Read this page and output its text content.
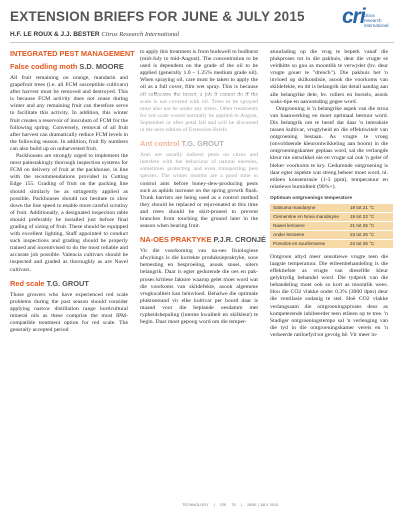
EXTENSION BRIEFS FOR JUNE & JULY 2015
H.F. LE ROUX & J.J. BESTER Citrus Research International
cri citrus
research
international
INTEGRATED PEST MANAGEMENT
False codling moth S.D. MOORE

All fruit remaining on orange, mandarin and grapefruit trees (i.e. all FCM susceptible cultivars) after harvest must be removed and destroyed. This is because FCM activity does not cease during winter and any remaining fruit can therefore serve to facilitate this activity. In addition, this winter fruit creates a reservoir of inoculum of FCM for the following spring. Conversely, removal of all fruit after harvest can dramatically reduce FCM levels in the following season. In addition, fruit fly numbers can also build up on unharvested fruit.

Packhouses are strongly urged to implement the most painstakingly thorough inspection systems for FCM on delivery of fruit at the packhouse, in line with the recommendations provided in Cutting Edge 155. Grading of fruit on the packing line should similarly be as stringently applied as possible. Packhouses should not hesitate to slow down the line speed to enable more careful scrutiny of fruit. Additionally, a designated inspection table should preferably be installed just before final grading of sizing of fruit. These should be equipped with excellent lighting. Staff appointed to conduct such inspections and grading should be properly trained and incentivised to do the most reliable and accurate job possible. Valencia cultivars should be inspected and graded as thoroughly as are Navel cultivars.

Red scale T.G. GROUT

Those growers who have experienced red scale problems during the past season should consider applying narrow distillation range horticultural mineral oils as these comprise the most IPM-compatible treatment option for red scale. The generally accepted period

to apply this treatment is from budswell to budburst (mid-July to mid-August). The concentration to be used is dependent on the grade of the oil to be applied (generally 1.0 – 1.25% medium grade oil). When spraying oil, care must be taken to apply the oil as a full cover, film wet spray. This is because

control ants before honey-dew-producing pests such as aphids increase on the spring growth flush. Trunk barriers are being used as a control method they should be replaced or rejuvenated at this time and trees should be skirt-pruned to prevent branches from touching the ground later in the season when bearing fruit.

NA-OES PRAKTYKE P.J.R. CRONJÉ

Vir die voorkoming van na-oes fisiologiese afwykings is die korrekte produksiepraktyke, soos bemesting en besproeiing, asook snoei, uiters belangrik. Daar is egter gedurende die oes en pak-proses kritiese faktore waarop gelet moet word wat die voorkoms van skildefekte, asook algemene vrugkwaliteit kan beïnvloed. Behalwe die optimale pluktoestand vir elke kultivar per boord daar is maand voor die beplande oesdatum met rypheidsbepaling (interne kwaliteit en skilkleur) te begin. Daar moet gepoog word om die temper-

atuurlading op die vrug te beperk vanaf die plukproses tot in die pakhuis, deur die vrugte se veldhitte so gou as moontlik te verwyder (bv. deur vrugte gouer te "drench"). Die pakhuis het 'n invloed op skilkondisie, asook die voorkoms van skildefekte, en dit is belangrik dat detail aandag aan alle belangrike dele, bv. rollers en borsels, asook waks-tipe en aanwending gegee word.

Ontgroening is 'n belangrike aspek van die stroa van baanwerking en moet optimaal bestuur word. Dis belangrik om te besef dat daar 'n interaksie tussen kultivar, vrugtyheid en die effektiwiteit van ontgroening bestaan. As vrugte te vroeg (onvoldoende kleurontwikkeling aan boom) in die ontgroeningskamer geplaas word, sal die verlangde kleur nie ontwikkel nie en vrugte sal ook 'n geler of bleker voorkoms te kry. Gedurende ontgroening is daar egter aspekte wat streng beheer moet word, nl. etileen konsentrasie (1-3 ppm), temperatuur en relatiewe humiditeit (90%+).

Optimum ontgroenings temperature
Satsuma mandaryne	18 tot 21 °C
Clementine en Nova mandaryne	19 tot 22 °C
Nawel lemoene	21 tot 25 °C
Ander lemoene	23 tot 25 °C
Pomelos en suurlemoene	24 tot 25 °C

Ontgroen altyd meer sensitiewe vrugte teen die laagste temperatuur. Die etileenbehandeling is die effektiefste as vrugte van dieselfde kleur gelyktydig behandel word. Die tydperk van die behandeling moet ook so kort as moontlik wees. Hou die CO2 vlakke onder 0.3% (3000 dpm) deur die ventilasie sodanig te stel. Hoë CO2 vlakke verlangsaam die ontgroeningsproses deur as kompeterende inhibeerder teen etileen op te tree. 'n Stadiger ontgroeningstempo sal 'n verlenging van die tyd in die ontgroeningskamer vereis en 'n verkeerde ratiloefyd tot gevolg hê. Vir meer in-

TECHNOLOGY | CRI 75 | JUNE | JULY 2015
